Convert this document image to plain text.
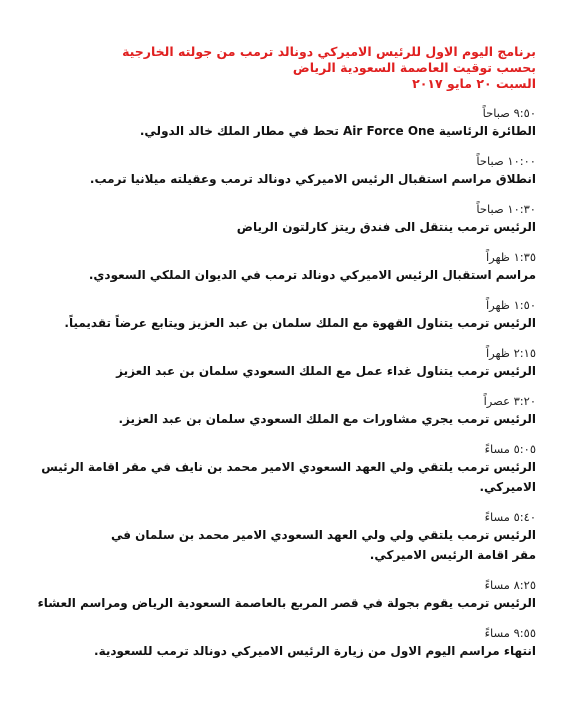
برنامج اليوم الاول للرئيس الاميركي دونالد ترمب من جولته الخارجية
بحسب توقيت العاصمة السعودية الرياض
السبت ٢٠ مايو ٢٠١٧
٩:٥٠ صباحاً
الطائرة الرئاسية Air Force One تحط في مطار الملك خالد الدولي.
١٠:٠٠ صباحاً
انطلاق مراسم استقبال الرئيس الاميركي دونالد ترمب وعقيلته ميلانيا ترمب.
١٠:٣٠ صباحاً
الرئيس ترمب ينتقل الى فندق ريتز كارلتون الرياض
١:٣٥ ظهراً
مراسم استقبال الرئيس الاميركي دونالد ترمب في الديوان الملكي السعودي.
١:٥٠ ظهراً
الرئيس ترمب يتناول القهوة مع الملك سلمان بن عبد العزيز ويتابع عرضاً تقديمياً.
٢:١٥ ظهراً
الرئيس ترمب يتناول غداء عمل مع الملك السعودي سلمان بن عبد العزيز
٣:٢٠ عصراً
الرئيس ترمب يجري مشاورات مع الملك السعودي سلمان بن عبد العزيز.
٥:٠٥ مساءً
الرئيس ترمب يلتقي ولي العهد السعودي الامير محمد بن نايف في مقر اقامة الرئيس الاميركي.
٥:٤٠ مساءً
الرئيس ترمب يلتقي ولي ولي العهد السعودي الامير محمد بن سلمان في مقر اقامة الرئيس الاميركي.
٨:٢٥ مساءً
الرئيس ترمب يقوم بجولة في قصر المربع بالعاصمة السعودية الرياض ومراسم العشاء
٩:٥٥ مساءً
انتهاء مراسم اليوم الاول من زيارة الرئيس الاميركي دونالد ترمب للسعودية.
